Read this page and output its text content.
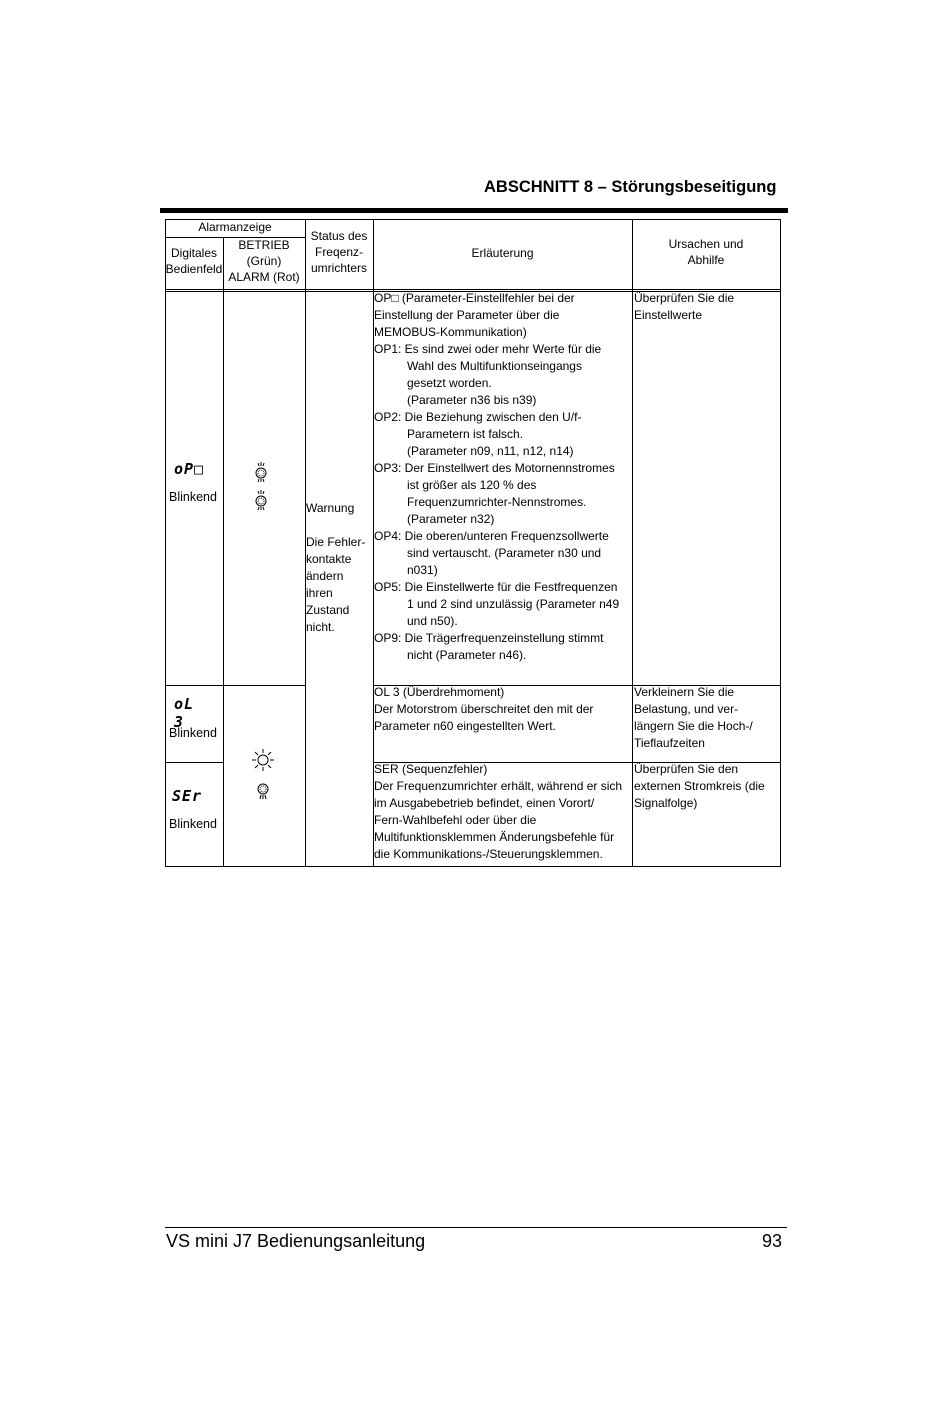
ABSCHNITT 8 – Störungsbeseitigung
Alarmanzeige
Digitales
Bedienfeld
BETRIEB
(Grün)
ALARM (Rot)
Status des
Freqenz-
umrichters
Erläuterung
Ursachen und
Abhilfe
Warnung
Die Fehler-
kontakte
ändern
ihren
Zustand
nicht.
oP□
Blinkend
OP□ (Parameter-Einstellfehler bei der
Einstellung der Parameter über die
MEMOBUS-Kommunikation)
OP1: Es sind zwei oder mehr Werte für die
Wahl des Multifunktionseingangs
gesetzt worden.
(Parameter n36 bis n39)
OP2: Die Beziehung zwischen den U/f-
Parametern ist falsch.
(Parameter n09, n11, n12, n14)
OP3: Der Einstellwert des Motornennstromes
ist größer als 120 % des
Frequenzumrichter-Nennstromes.
(Parameter n32)
OP4: Die oberen/unteren Frequenzsollwerte
sind vertauscht. (Parameter n30 und
n031)
OP5: Die Einstellwerte für die Festfrequenzen
1 und 2 sind unzulässig (Parameter n49
und n50).
OP9: Die Trägerfrequenzeinstellung stimmt
nicht (Parameter n46).
Überprüfen Sie die
Einstellwerte
oL 3
Blinkend
OL 3 (Überdrehmoment)
Der Motorstrom überschreitet den mit der
Parameter n60 eingestellten Wert.
Verkleinern Sie die
Belastung, und ver-
längern Sie die Hoch-/
Tieflaufzeiten
SEr
Blinkend
SER (Sequenzfehler)
Der Frequenzumrichter erhält, während er sich
im Ausgabebetrieb befindet, einen Vorort/
Fern-Wahlbefehl oder über die
Multifunktionsklemmen Änderungsbefehle für
die Kommunikations-/Steuerungsklemmen.
Überprüfen Sie den
externen Stromkreis (die
Signalfolge)
VS mini J7 Bedienungsanleitung	93
